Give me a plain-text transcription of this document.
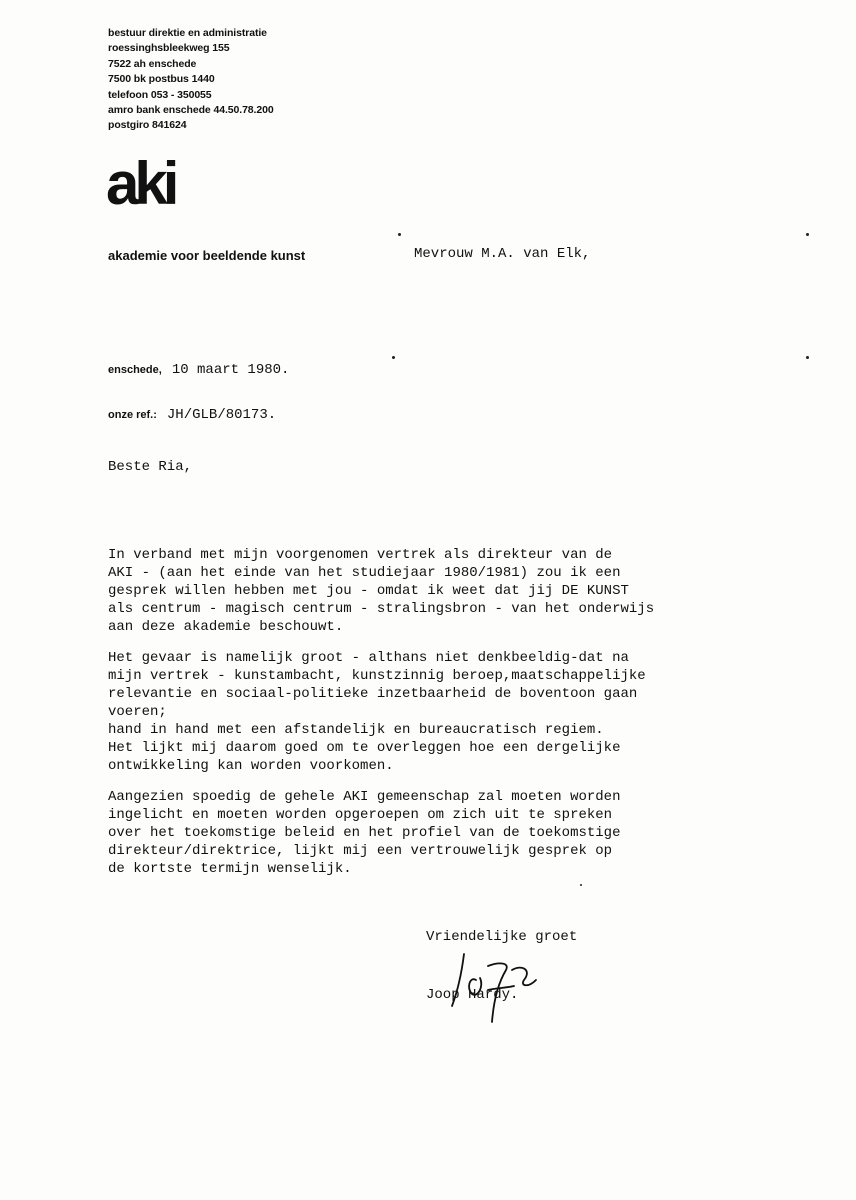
bestuur direktie en administratie
roessinghsbleekweg 155
7522 ah enschede
7500 bk postbus 1440
telefoon 053 - 350055
amro bank enschede 44.50.78.200
postgiro 841624
aki
akademie voor beeldende kunst	Mevrouw M.A. van Elk,
enschede, 10 maart 1980.
onze ref.: JH/GLB/80173.
Beste Ria,

In verband met mijn voorgenomen vertrek als direkteur van de
AKI - (aan het einde van het studiejaar 1980/1981) zou ik een
gesprek willen hebben met jou - omdat ik weet dat jij DE KUNST
als centrum - magisch centrum - stralingsbron - van het onderwijs
aan deze akademie beschouwt.

Het gevaar is namelijk groot - althans niet denkbeeldig-dat na
mijn vertrek - kunstambacht, kunstzinnig beroep,maatschappelijke
relevantie en sociaal-politieke inzetbaarheid de boventoon gaan
voeren;
hand in hand met een afstandelijk en bureaucratisch regiem.
Het lijkt mij daarom goed om te overleggen hoe een dergelijke
ontwikkeling kan worden voorkomen.

Aangezien spoedig de gehele AKI gemeenschap zal moeten worden
ingelicht en moeten worden opgeroepen om zich uit te spreken
over het toekomstige beleid en het profiel van de toekomstige
direkteur/direktrice, lijkt mij een vertrouwelijk gesprek op
de kortste termijn wenselijk.

Vriendelijke groet
Joop Hardy.
